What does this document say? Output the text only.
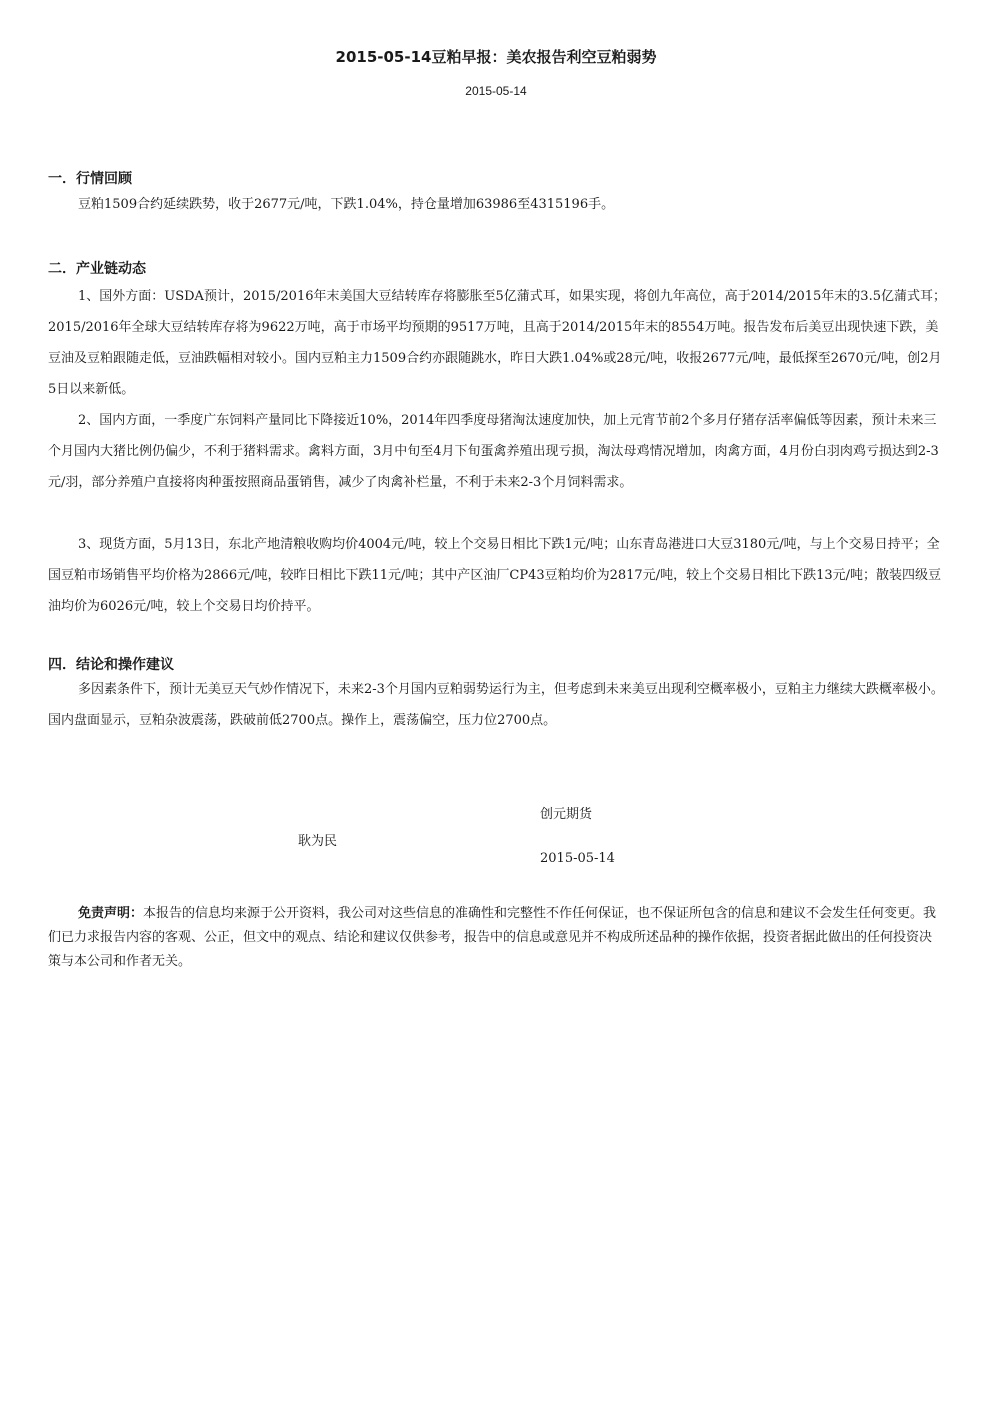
2015-05-14豆粕早报：美农报告利空豆粕弱势
2015-05-14
一．行情回顾

豆粕1509合约延续跌势，收于2677元/吨，下跌1.04%，持仓量增加63986至4315196手。

二．产业链动态

1、国外方面：USDA预计，2015/2016年末美国大豆结转库存将膨胀至5亿蒲式耳，如果实现，将创九年高位，高于2014/2015年末的3.5亿蒲式耳；2015/2016年全球大豆结转库存将为9622万吨，高于市场平均预期的9517万吨，且高于2014/2015年末的8554万吨。报告发布后美豆出现快速下跌，美豆油及豆粕跟随走低，豆油跌幅相对较小。国内豆粕主力1509合约亦跟随跳水，昨日大跌1.04%或28元/吨，收报2677元/吨，最低探至2670元/吨，创2月5日以来新低。

2、国内方面，一季度广东饲料产量同比下降接近10%，2014年四季度母猪淘汰速度加快，加上元宵节前2个多月仔猪存活率偏低等因素，预计未来三个月国内大猪比例仍偏少，不利于猪料需求。禽料方面，3月中旬至4月下旬蛋禽养殖出现亏损，淘汰母鸡情况增加，肉禽方面，4月份白羽肉鸡亏损达到2-3元/羽，部分养殖户直接将肉种蛋按照商品蛋销售，减少了肉禽补栏量，不利于未来2-3个月饲料需求。

3、现货方面，5月13日，东北产地清粮收购均价4004元/吨，较上个交易日相比下跌1元/吨；山东青岛港进口大豆3180元/吨，与上个交易日持平；全国豆粕市场销售平均价格为2866元/吨，较昨日相比下跌11元/吨；其中产区油厂CP43豆粕均价为2817元/吨，较上个交易日相比下跌13元/吨；散装四级豆油均价为6026元/吨，较上个交易日均价持平。

四．结论和操作建议

多因素条件下，预计无美豆天气炒作情况下，未来2-3个月国内豆粕弱势运行为主，但考虑到未来美豆出现利空概率极小，豆粕主力继续大跌概率极小。国内盘面显示，豆粕杂波震荡，跌破前低2700点。操作上，震荡偏空，压力位2700点。

创元期货
耿为民
2015-05-14

免责声明：本报告的信息均来源于公开资料，我公司对这些信息的准确性和完整性不作任何保证，也不保证所包含的信息和建议不会发生任何变更。我们已力求报告内容的客观、公正，但文中的观点、结论和建议仅供参考，报告中的信息或意见并不构成所述品种的操作依据，投资者据此做出的任何投资决策与本公司和作者无关。
